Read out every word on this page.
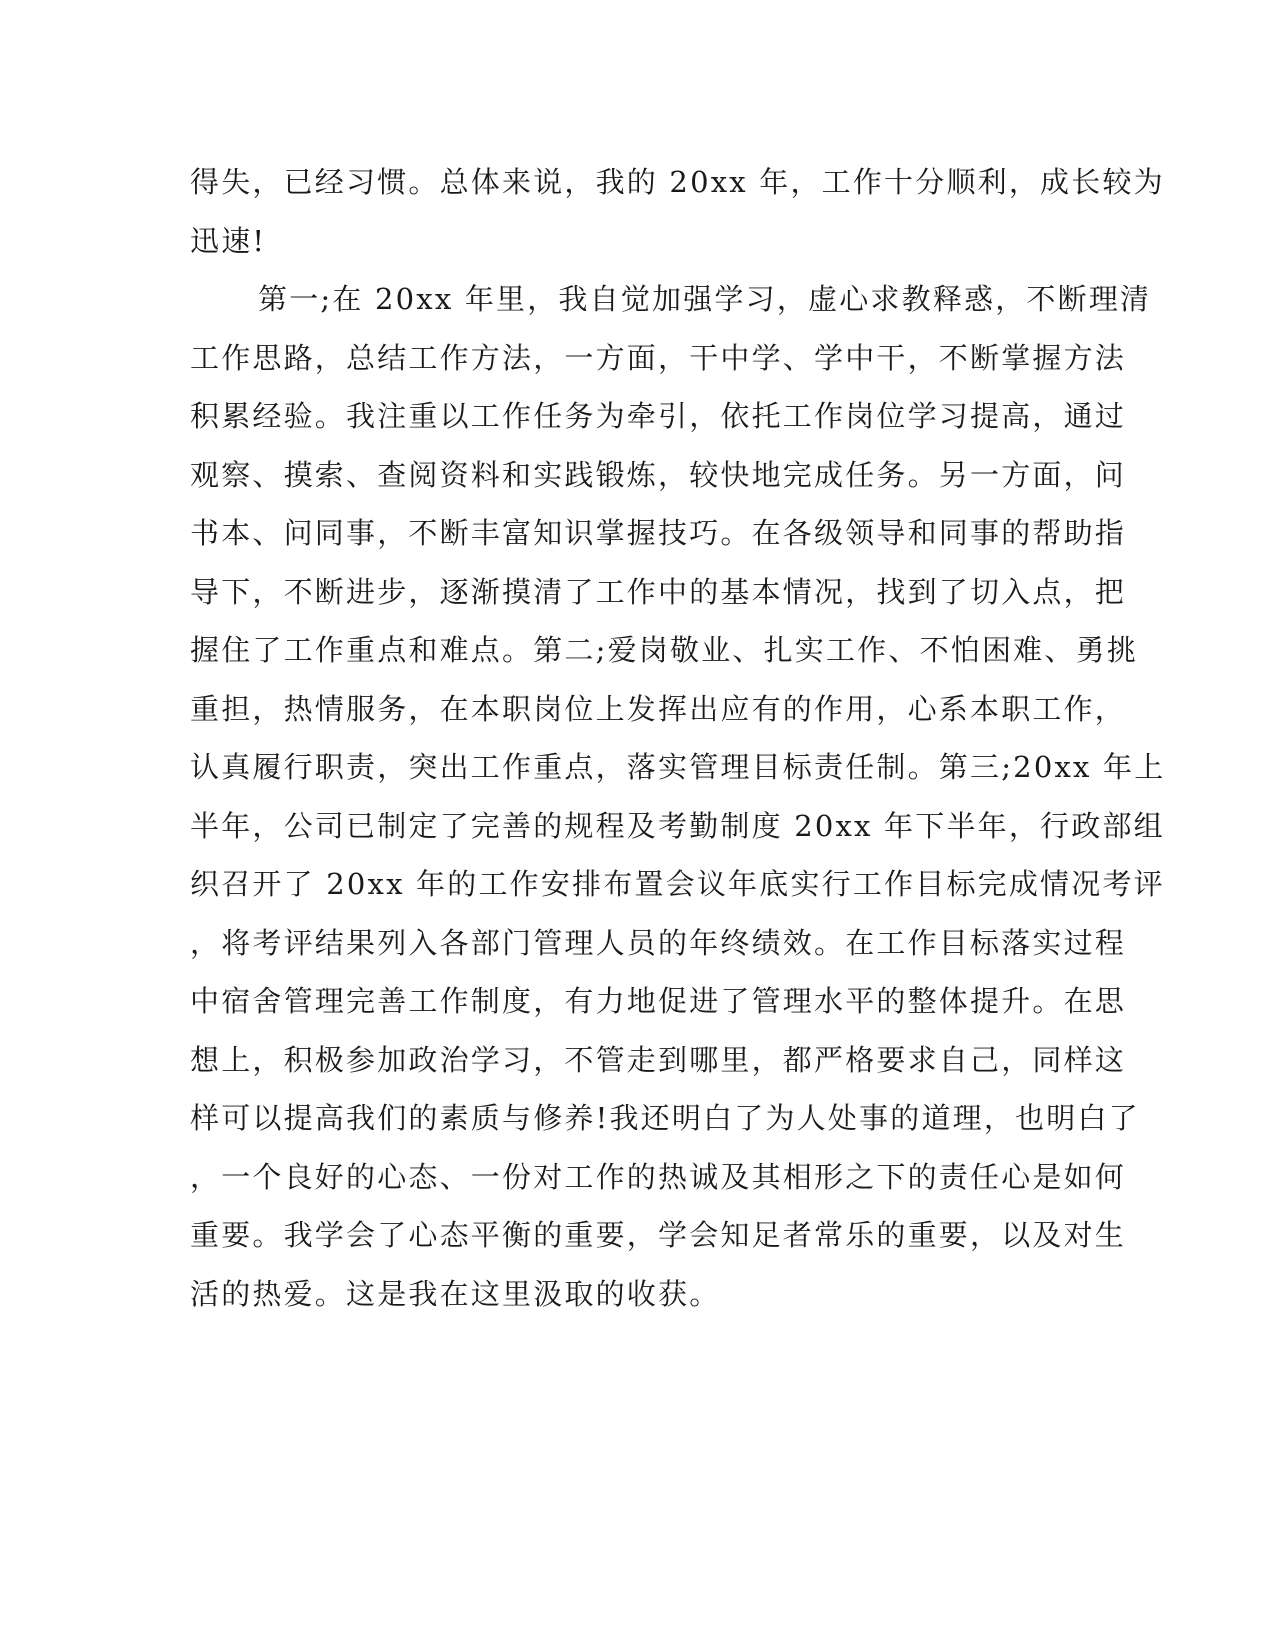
得失，已经习惯。总体来说，我的 20xx 年，工作十分顺利，成长较为
迅速!
第一;在 20xx 年里，我自觉加强学习，虚心求教释惑，不断理清
工作思路，总结工作方法，一方面，干中学、学中干，不断掌握方法
积累经验。我注重以工作任务为牵引，依托工作岗位学习提高，通过
观察、摸索、查阅资料和实践锻炼，较快地完成任务。另一方面，问
书本、问同事，不断丰富知识掌握技巧。在各级领导和同事的帮助指
导下，不断进步，逐渐摸清了工作中的基本情况，找到了切入点，把
握住了工作重点和难点。第二;爱岗敬业、扎实工作、不怕困难、勇挑
重担，热情服务，在本职岗位上发挥出应有的作用，心系本职工作，
认真履行职责，突出工作重点，落实管理目标责任制。第三;20xx 年上
半年，公司已制定了完善的规程及考勤制度 20xx 年下半年，行政部组
织召开了 20xx 年的工作安排布置会议年底实行工作目标完成情况考评
，将考评结果列入各部门管理人员的年终绩效。在工作目标落实过程
中宿舍管理完善工作制度，有力地促进了管理水平的整体提升。在思
想上，积极参加政治学习，不管走到哪里，都严格要求自己，同样这
样可以提高我们的素质与修养!我还明白了为人处事的道理，也明白了
，一个良好的心态、一份对工作的热诚及其相形之下的责任心是如何
重要。我学会了心态平衡的重要，学会知足者常乐的重要，以及对生
活的热爱。这是我在这里汲取的收获。
